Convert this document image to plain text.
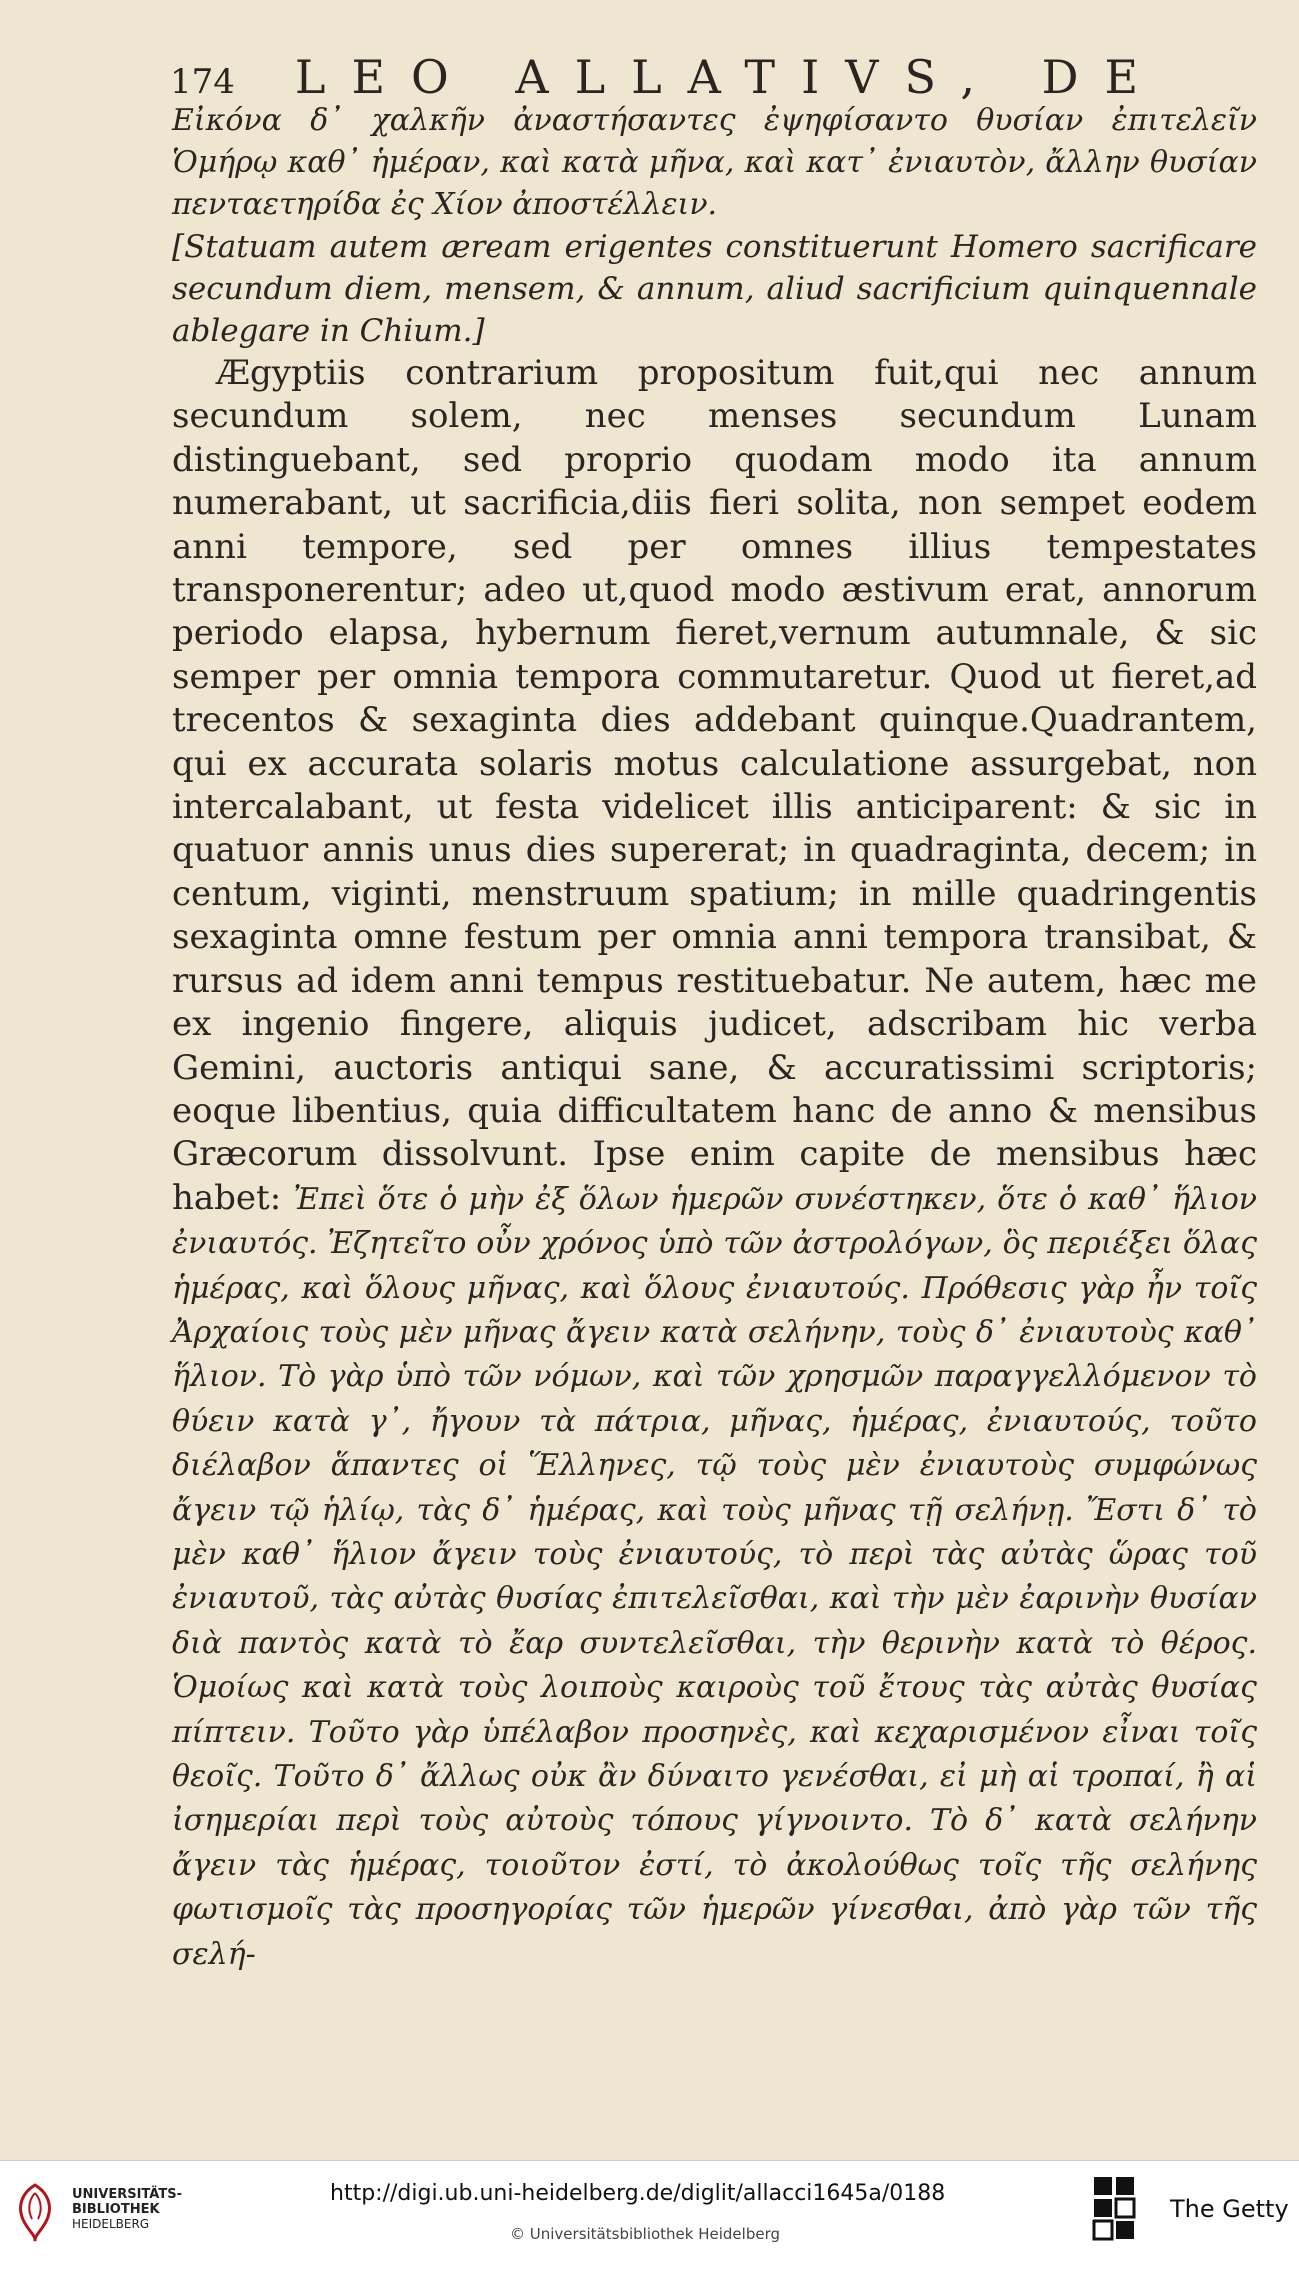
174 LEO ALLATIVS, DE

Εἰκόνα δ᾽ χαλκῆν ἀναστήσαντες ἐψηφίσαντο θυσίαν ἐπιτελεῖν Ὁμήρῳ καθ᾽ ἡμέραν, καὶ κατὰ μῆνα, καὶ κατ᾽ ἐνιαυτὸν, ἄλλην θυσίαν πενταετηρίδα ἐς Χίον ἀποστέλλειν.

[Statuam autem æream erigentes constituerunt Homero sacrificare secundum diem, mensem, & annum, aliud sacrificium quinquennale ablegare in Chium.]

Ægyptiis contrarium propositum fuit,qui nec annum secundum solem, nec menses secundum Lunam distinguebant, sed proprio quodam modo ita annum numerabant, ut sacrificia,diis fieri solita, non sempet eodem anni tempore, sed per omnes illius tempestates transponerentur; adeo ut,quod modo æstivum erat, annorum periodo elapsa, hybernum fieret,vernum autumnale, & sic semper per omnia tempora commutaretur. Quod ut fieret,ad trecentos & sexaginta dies addebant quinque.Quadrantem, qui ex accurata solaris motus calculatione assurgebat, non intercalabant, ut festa videlicet illis anticiparent: & sic in quatuor annis unus dies supererat; in quadraginta, decem; in centum, viginti, menstruum spatium; in mille quadringentis sexaginta omne festum per omnia anni tempora transibat, & rursus ad idem anni tempus restituebatur. Ne autem, hæc me ex ingenio fingere, aliquis judicet, adscribam hic verba Gemini, auctoris antiqui sane, & accuratissimi scriptoris; eoque libentius, quia difficultatem hanc de anno & mensibus Græcorum dissolvunt. Ipse enim capite de mensibus hæc habet: Ἐπεὶ ὅτε ὁ μὴν ἐξ ὅλων ἡμερῶν συνέστηκεν, ὅτε ὁ καθ᾽ ἥλιον ἐνιαυτός. Ἐζητεῖτο οὖν χρόνος ὑπὸ τῶν ἀστρολόγων, ὃς περιέξει ὅλας ἡμέρας, καὶ ὅλους μῆνας, καὶ ὅλους ἐνιαυτούς. Πρόθεσις γὰρ ἦν τοῖς Ἀρχαίοις τοὺς μὲν μῆνας ἄγειν κατὰ σελήνην, τοὺς δ᾽ ἐνιαυτοὺς καθ᾽ ἥλιον. Τὸ γὰρ ὑπὸ τῶν νόμων, καὶ τῶν χρησμῶν παραγγελλόμενον τὸ θύειν κατὰ γ᾽, ἤγουν τὰ πάτρια, μῆνας, ἡμέρας, ἐνιαυτούς, τοῦτο διέλαβον ἅπαντες οἱ Ἕλληνες, τῷ τοὺς μὲν ἐνιαυτοὺς συμφώνως ἄγειν τῷ ἡλίῳ, τὰς δ᾽ ἡμέρας, καὶ τοὺς μῆνας τῇ σελήνῃ. Ἔστι δ᾽ τὸ μὲν καθ᾽ ἥλιον ἄγειν τοὺς ἐνιαυτούς, τὸ περὶ τὰς αὐτὰς ὥρας τοῦ ἐνιαυτοῦ, τὰς αὐτὰς θυσίας ἐπιτελεῖσθαι, καὶ τὴν μὲν ἐαρινὴν θυσίαν διὰ παντὸς κατὰ τὸ ἔαρ συντελεῖσθαι, τὴν θερινὴν κατὰ τὸ θέρος. Ὁμοίως καὶ κατὰ τοὺς λοιποὺς καιροὺς τοῦ ἔτους τὰς αὐτὰς θυσίας πίπτειν. Τοῦτο γὰρ ὑπέλαβον προσηνὲς, καὶ κεχαρισμένον εἶναι τοῖς θεοῖς. Τοῦτο δ᾽ ἄλλως οὐκ ἂν δύναιτο γενέσθαι, εἰ μὴ αἱ τροπαί, ἢ αἱ ἰσημερίαι περὶ τοὺς αὐτοὺς τόπους γίγνοιντο. Τὸ δ᾽ κατὰ σελήνην ἄγειν τὰς ἡμέρας, τοιοῦτον ἐστί, τὸ ἀκολούθως τοῖς τῆς σελήνης φωτισμοῖς τὰς προσηγορίας τῶν ἡμερῶν γίνεσθαι, ἀπὸ γὰρ τῶν τῆς σελή-

UNIVERSITÄTS-
BIBLIOTHEK
HEIDELBERG
http://digi.ub.uni-heidelberg.de/diglit/allacci1645a/0188
© Universitätsbibliothek Heidelberg
The Getty
